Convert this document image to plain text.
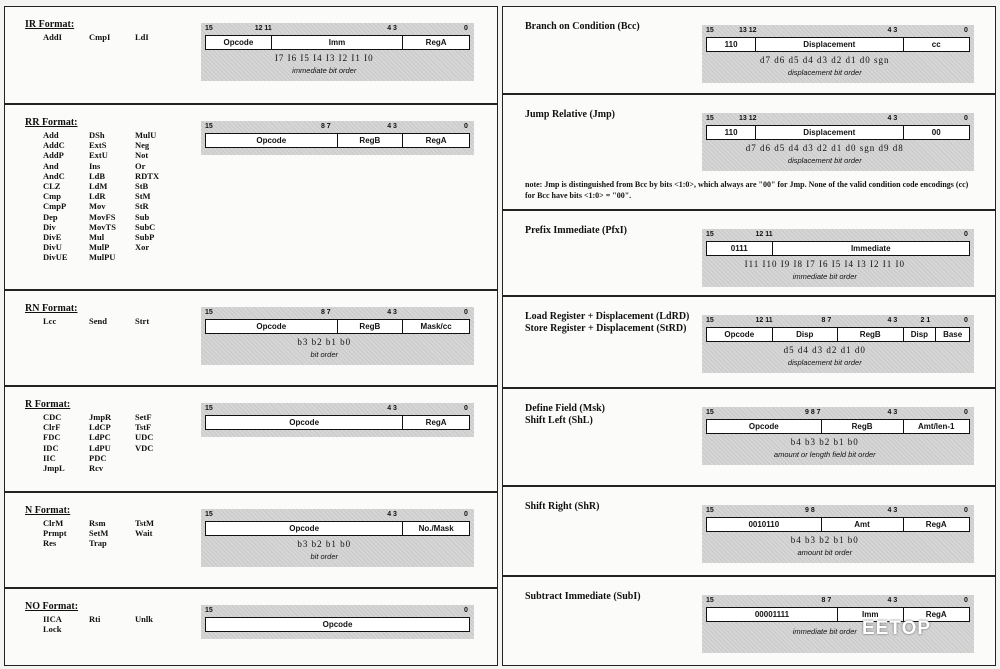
IR Format:
AddI	CmpI	LdI
15	12 11	4 3	0
Opcode	Imm	RegA
I7 I6 I5 I4 I3 I2 I1 I0
immediate bit order
RR Format:
Add	DSh	MulU
AddC	ExtS	Neg
AddP	ExtU	Not
And	Ins	Or
AndC	LdB	RDTX
CLZ	LdM	StB
Cmp	LdR	StM
CmpP	Mov	StR
Dep	MovFS	Sub
Div	MovTS	SubC
DivE	Mul	SubP
DivU	MulP	Xor
DivUE	MulPU
15	8 7	4 3	0
Opcode	RegB	RegA
RN Format:
Lcc	Send	Strt
15	8 7	4 3	0
Opcode	RegB	Mask/cc
b3 b2 b1 b0
bit order
R Format:
CDC	JmpR	SetF
ClrF	LdCP	TstF
FDC	LdPC	UDC
IDC	LdPU	VDC
IIC	PDC
JmpL	Rcv
15	4 3	0
Opcode	RegA
N Format:
ClrM	Rsm	TstM
Prmpt	SetM	Wait
Res	Trap
15	4 3	0
Opcode	No./Mask
b3 b2 b1 b0
bit order
NO Format:
IICA	Rti	Unlk
Lock
15	0
Opcode
Branch on Condition (Bcc)	15	13 12	4 3	0
110	Displacement	cc
d7 d6 d5 d4 d3 d2 d1 d0 sgn
displacement bit order
Jump Relative (Jmp)	15	13 12	4 3	0
110	Displacement	00
d7 d6 d5 d4 d3 d2 d1 d0 sgn d9 d8
displacement bit order
note: Jmp is distinguished from Bcc by bits <1:0>, which always are "00" for Jmp. None of the valid condition code encodings (cc) for Bcc have bits <1:0> = "00".
Prefix Immediate (PfxI)	15	12 11	0
0111	Immediate
I11 I10 I9 I8 I7 I6 I5 I4 I3 I2 I1 I0
immediate bit order
Load Register + Displacement (LdRD)
Store Register + Displacement (StRD)
15	12 11	8 7	4 3	2 1	0
Opcode	Disp	RegB	Disp	Base
d5 d4 d3 d2 d1 d0
displacement bit order
Define Field (Msk)
Shift Left (ShL)
15	9 8 7	4 3	0
Opcode	RegB	Amt/len-1
b4 b3 b2 b1 b0
amount or length field bit order
Shift Right (ShR)	15	9 8	4 3	0
0010110	Amt	RegA
b4 b3 b2 b1 b0
amount bit order
Subtract Immediate (SubI)	15	8 7	4 3	0
00001111	Imm	RegA
immediate bit order EETOP
